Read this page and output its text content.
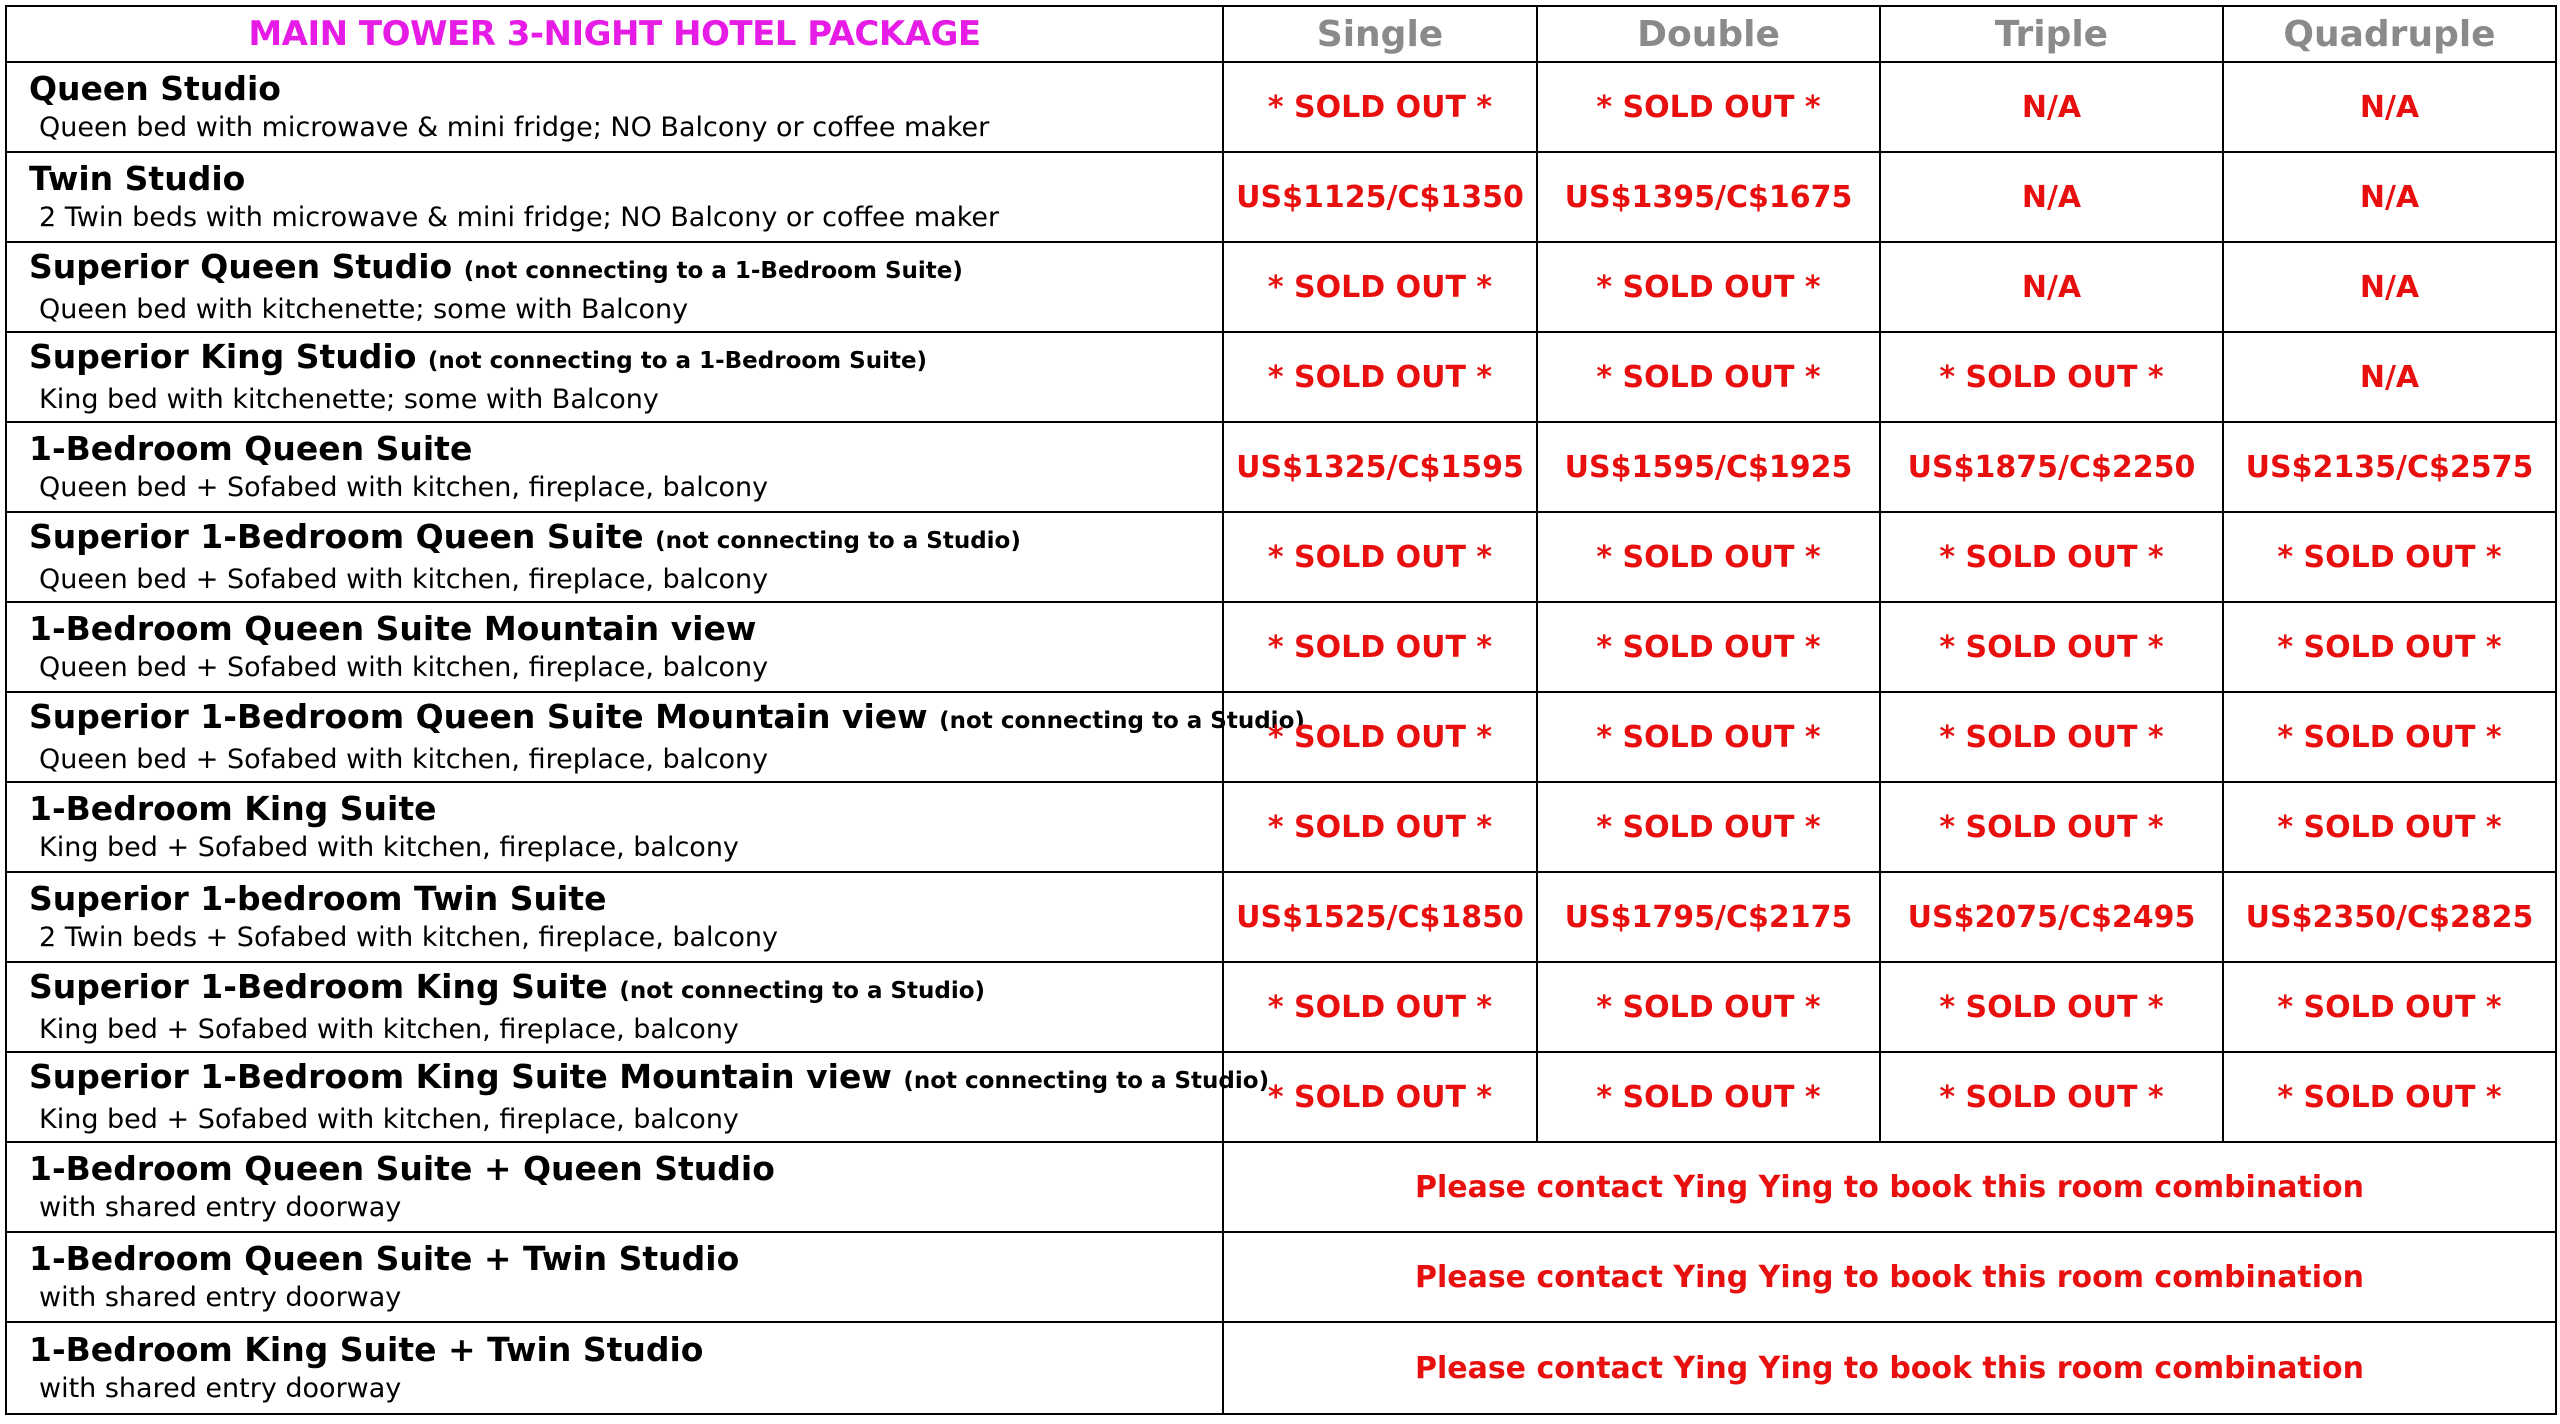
MAIN TOWER 3-NIGHT HOTEL PACKAGE	Single	Double	Triple	Quadruple

Queen Studio
Queen bed with microwave & mini fridge; NO Balcony or coffee maker	* SOLD OUT *	* SOLD OUT *	N/A	N/A

Twin Studio
2 Twin beds with microwave & mini fridge; NO Balcony or coffee maker	US$1125/C$1350	US$1395/C$1675	N/A	N/A

Superior Queen Studio (not connecting to a 1-Bedroom Suite)
Queen bed with kitchenette; some with Balcony	* SOLD OUT *	* SOLD OUT *	N/A	N/A

Superior King Studio (not connecting to a 1-Bedroom Suite)
King bed with kitchenette; some with Balcony	* SOLD OUT *	* SOLD OUT *	* SOLD OUT *	N/A

1-Bedroom Queen Suite
Queen bed + Sofabed with kitchen, fireplace, balcony	US$1325/C$1595	US$1595/C$1925	US$1875/C$2250	US$2135/C$2575

Superior 1-Bedroom Queen Suite (not connecting to a Studio)
Queen bed + Sofabed with kitchen, fireplace, balcony	* SOLD OUT *	* SOLD OUT *	* SOLD OUT *	* SOLD OUT *

1-Bedroom Queen Suite Mountain view
Queen bed + Sofabed with kitchen, fireplace, balcony	* SOLD OUT *	* SOLD OUT *	* SOLD OUT *	* SOLD OUT *

Superior 1-Bedroom Queen Suite Mountain view (not connecting to a Studio)
Queen bed + Sofabed with kitchen, fireplace, balcony	* SOLD OUT *	* SOLD OUT *	* SOLD OUT *	* SOLD OUT *

1-Bedroom King Suite
King bed + Sofabed with kitchen, fireplace, balcony	* SOLD OUT *	* SOLD OUT *	* SOLD OUT *	* SOLD OUT *

Superior 1-bedroom Twin Suite
2 Twin beds + Sofabed with kitchen, fireplace, balcony	US$1525/C$1850	US$1795/C$2175	US$2075/C$2495	US$2350/C$2825

Superior 1-Bedroom King Suite (not connecting to a Studio)
King bed + Sofabed with kitchen, fireplace, balcony	* SOLD OUT *	* SOLD OUT *	* SOLD OUT *	* SOLD OUT *

Superior 1-Bedroom King Suite Mountain view (not connecting to a Studio)
King bed + Sofabed with kitchen, fireplace, balcony	* SOLD OUT *	* SOLD OUT *	* SOLD OUT *	* SOLD OUT *

1-Bedroom Queen Suite + Queen Studio
with shared entry doorway	Please contact Ying Ying to book this room combination			

1-Bedroom Queen Suite + Twin Studio
with shared entry doorway	Please contact Ying Ying to book this room combination			

1-Bedroom King Suite + Twin Studio
with shared entry doorway	Please contact Ying Ying to book this room combination			
